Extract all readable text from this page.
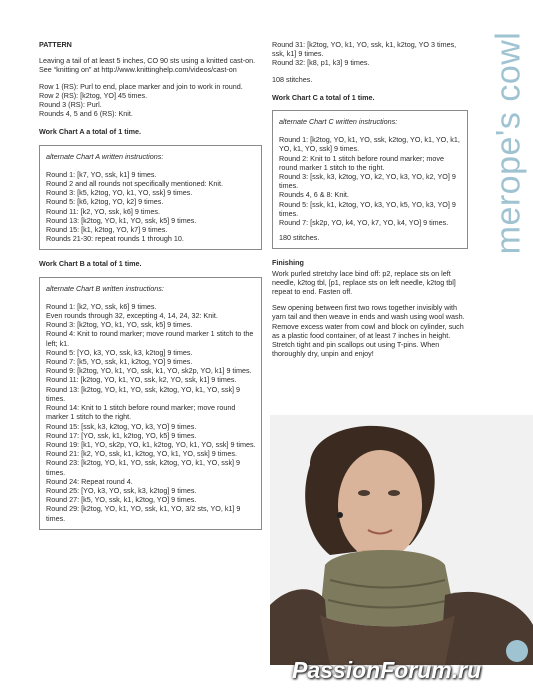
merope's cowl
PATTERN
Leaving a tail of at least 5 inches, CO 90 sts using a knitted cast-on. See “knitting on” at http://www.knittinghelp.com/videos/cast-on
Row 1 (RS): Purl to end, place marker and join to work in round.
Row 2 (RS): [k2tog, YO] 45 times.
Round 3 (RS): Purl.
Rounds 4, 5 and 6 (RS): Knit.
Work Chart A a total of 1 time.
alternate Chart A written instructions:
Round 1: [k7, YO, ssk, k1] 9 times.
Round 2 and all rounds not specifically mentioned: Knit.
Round 3: [k5, k2tog, YO, k1, YO, ssk] 9 times.
Round 5: [k6, k2tog, YO, k2] 9 times.
Round 11: [k2, YO, ssk, k6] 9 times.
Round 13: [k2tog, YO, k1, YO, ssk, k5] 9 times.
Round 15: [k1, k2tog, YO, k7] 9 times.
Rounds 21-30: repeat rounds 1 through 10.
Work Chart B a total of 1 time.
alternate Chart B written instructions:
Round 1: [k2, YO, ssk, k6] 9 times.
Even rounds through 32, excepting 4, 14, 24, 32: Knit.
Round 3: [k2tog, YO, k1, YO, ssk, k5] 9 times.
Round 4: Knit to round marker; move round marker 1 stitch to the left; k1.
Round 5: [YO, k3, YO, ssk, k3, k2tog] 9 times.
Round 7: [k5, YO, ssk, k1, k2tog, YO] 9 times.
Round 9: [k2tog, YO, k1, YO, ssk, k1, YO, sk2p, YO, k1] 9 times.
Round 11: [k2tog, YO, k1, YO, ssk, k2, YO, ssk, k1] 9 times.
Round 13: [k2tog, YO, k1, YO, ssk, k2tog, YO, k1, YO, ssk] 9 times.
Round 14: Knit to 1 stitch before round marker; move round marker 1 stitch to the right.
Round 15: [ssk, k3, k2tog, YO, k3, YO] 9 times.
Round 17: [YO, ssk, k1, k2tog, YO, k5] 9 times.
Round 19: [k1, YO, sk2p, YO, k1, k2tog, YO, k1, YO, ssk] 9 times.
Round 21: [k2, YO, ssk, k1, k2tog, YO, k1, YO, ssk] 9 times.
Round 23: [k2tog, YO, k1, YO, ssk, k2tog, YO, k1, YO, ssk] 9 times.
Round 24: Repeat round 4.
Round 25: [YO, k3, YO, ssk, k3, k2tog] 9 times.
Round 27: [k5, YO, ssk, k1, k2tog, YO] 9 times.
Round 29: [k2tog, YO, k1, YO, ssk, k1, YO, 3/2 sts, YO, k1] 9 times.
Round 31: [k2tog, YO, k1, YO, ssk, k1, k2tog, YO 3 times, ssk, k1] 9 times.
Round 32: [k8, p1, k3] 9 times.
108 stitches.
Work Chart C a total of 1 time.
alternate Chart C written instructions:
Round 1: [k2tog, YO, k1, YO, ssk, k2tog, YO, k1, YO, k1, YO, k1, YO, ssk] 9 times.
Round 2: Knit to 1 stitch before round marker; move round marker 1 stitch to the right.
Round 3: [ssk, k3, k2tog, YO, k2, YO, k3, YO, k2, YO] 9 times.
Rounds 4, 6 & 8: Knit.
Round 5: [ssk, k1, k2tog, YO, k3, YO, k5, YO, k3, YO] 9 times.
Round 7: [sk2p, YO, k4, YO, k7, YO, k4, YO] 9 times.
180 stitches.
Finishing
Work purled stretchy lace bind off: p2, replace sts on left needle, k2tog tbl, [p1, replace sts on left needle, k2tog tbl] repeat to end. Fasten off.
Sew opening between first two rows together invisibly with yarn tail and then weave in ends and wash using wool wash. Remove excess water from cowl and block on cylinder, such as a plastic food container, of at least 7 inches in height. Stretch tight and pin scallops out using T-pins. When thoroughly dry, unpin and enjoy!
PassionForum.ru
